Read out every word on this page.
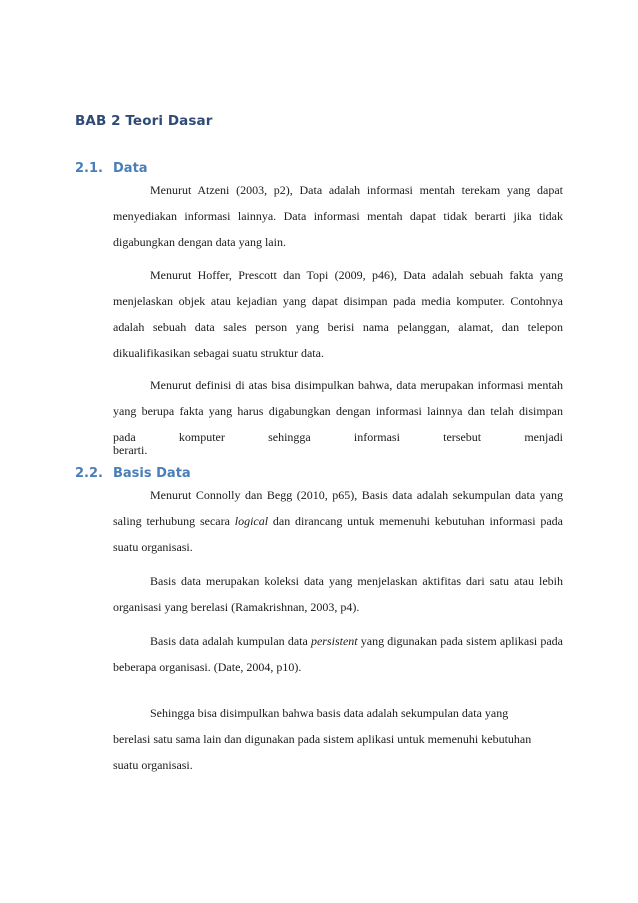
BAB 2 Teori Dasar
2.1. Data

Menurut Atzeni (2003, p2), Data adalah informasi mentah terekam yang dapat menyediakan informasi lainnya. Data informasi mentah dapat tidak berarti jika tidak digabungkan dengan data yang lain.

Menurut Hoffer, Prescott dan Topi (2009, p46), Data adalah sebuah fakta yang menjelaskan objek atau kejadian yang dapat disimpan pada media komputer. Contohnya adalah sebuah data sales person yang berisi nama pelanggan, alamat, dan telepon dikualifikasikan sebagai suatu struktur data.

Menurut definisi di atas bisa disimpulkan bahwa, data merupakan informasi mentah yang berupa fakta yang harus digabungkan dengan informasi lainnya dan telah disimpan pada komputer sehingga informasi tersebut menjadi

berarti.

2.2. Basis Data

Menurut Connolly dan Begg (2010, p65), Basis data adalah sekumpulan data yang saling terhubung secara logical dan dirancang untuk memenuhi kebutuhan informasi pada suatu organisasi.

Basis data merupakan koleksi data yang menjelaskan aktifitas dari satu atau lebih organisasi yang berelasi (Ramakrishnan, 2003, p4).

Basis data adalah kumpulan data persistent yang digunakan pada sistem aplikasi pada beberapa organisasi. (Date, 2004, p10).

Sehingga bisa disimpulkan bahwa basis data adalah sekumpulan data yang
berelasi satu sama lain dan digunakan pada sistem aplikasi untuk memenuhi kebutuhan
suatu organisasi.
